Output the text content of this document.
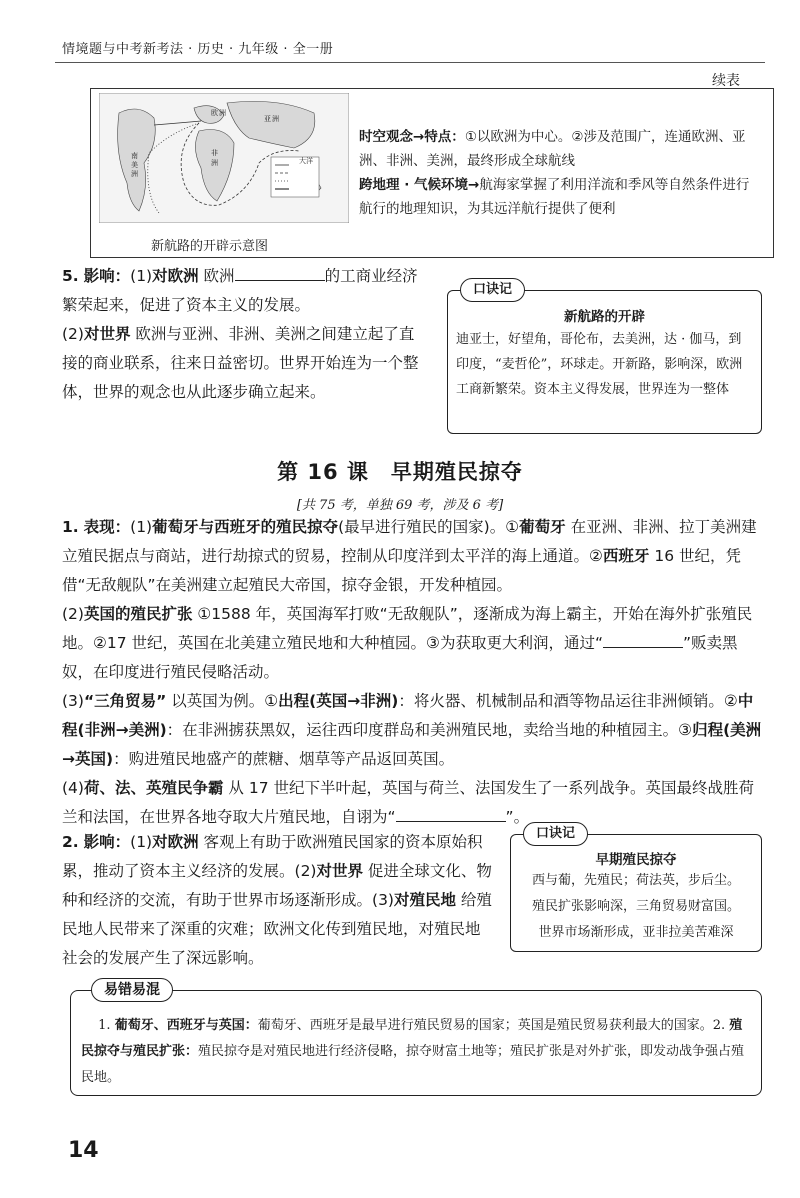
情境题与中考新考法 · 历史 · 九年级 · 全一册
续表
欧 洲
亚 洲
非
洲
南
美
洲
大洋
新航路的开辟示意图
时空观念→特点：①以欧洲为中心。②涉及范围广，连通欧洲、亚洲、非洲、美洲，最终形成全球航线
跨地理 · 气候环境→航海家掌握了利用洋流和季风等自然条件进行航行的地理知识，为其远洋航行提供了便利
5. 影响：(1)对欧洲 欧洲	的工商业经济繁荣起来，促进了资本主义的发展。
(2)对世界 欧洲与亚洲、非洲、美洲之间建立起了直接的商业联系，往来日益密切。世界开始连为一个整体，世界的观念也从此逐步确立起来。
口诀记
新航路的开辟
迪亚士，好望角，哥伦布，去美洲，达 · 伽马，到印度，“麦哲伦”，环球走。开新路，影响深，欧洲工商新繁荣。资本主义得发展，世界连为一整体
第 16 课　早期殖民掠夺
[共 75 考，单独 69 考，涉及 6 考]
1. 表现：(1)葡萄牙与西班牙的殖民掠夺(最早进行殖民的国家)。①葡萄牙 在亚洲、非洲、拉丁美洲建立殖民据点与商站，进行劫掠式的贸易，控制从印度洋到太平洋的海上通道。②西班牙 16 世纪，凭借“无敌舰队”在美洲建立起殖民大帝国，掠夺金银，开发种植园。
(2)英国的殖民扩张 ①1588 年，英国海军打败“无敌舰队”，逐渐成为海上霸主，开始在海外扩张殖民地。②17 世纪，英国在北美建立殖民地和大种植园。③为获取更大利润，通过“	”贩卖黑奴，在印度进行殖民侵略活动。
(3)“三角贸易” 以英国为例。①出程(英国→非洲)：将火器、机械制品和酒等物品运往非洲倾销。②中程(非洲→美洲)：在非洲掳获黑奴，运往西印度群岛和美洲殖民地，卖给当地的种植园主。③归程(美洲→英国)：购进殖民地盛产的蔗糖、烟草等产品返回英国。
(4)荷、法、英殖民争霸 从 17 世纪下半叶起，英国与荷兰、法国发生了一系列战争。英国最终战胜荷兰和法国，在世界各地夺取大片殖民地，自诩为“	”。
2. 影响：(1)对欧洲 客观上有助于欧洲殖民国家的资本原始积累，推动了资本主义经济的发展。(2)对世界 促进全球文化、物种和经济的交流，有助于世界市场逐渐形成。(3)对殖民地 给殖民地人民带来了深重的灾难；欧洲文化传到殖民地，对殖民地社会的发展产生了深远影响。
口诀记
早期殖民掠夺
西与葡，先殖民；荷法英，步后尘。
殖民扩张影响深，三角贸易财富国。
世界市场渐形成，亚非拉美苦难深
易错易混
  1. 葡萄牙、西班牙与英国：葡萄牙、西班牙是最早进行殖民贸易的国家；英国是殖民贸易获利最大的国家。2. 殖民掠夺与殖民扩张：殖民掠夺是对殖民地进行经济侵略，掠夺财富土地等；殖民扩张是对外扩张，即发动战争强占殖民地。
14
